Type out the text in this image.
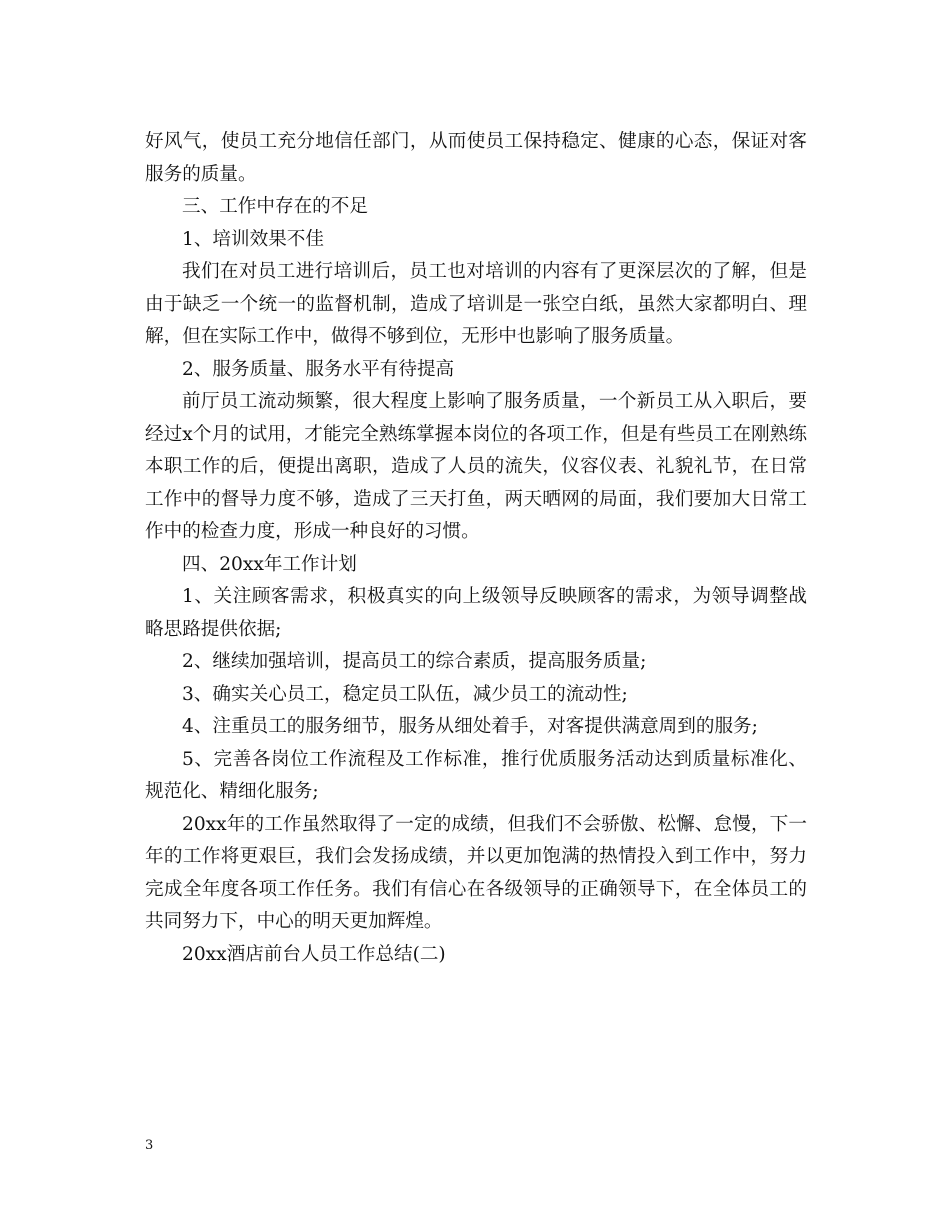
好风气，使员工充分地信任部门，从而使员工保持稳定、健康的心态，保证对客服务的质量。

三、工作中存在的不足

1、培训效果不佳

我们在对员工进行培训后，员工也对培训的内容有了更深层次的了解，但是由于缺乏一个统一的监督机制，造成了培训是一张空白纸，虽然大家都明白、理解，但在实际工作中，做得不够到位，无形中也影响了服务质量。

2、服务质量、服务水平有待提高

前厅员工流动频繁，很大程度上影响了服务质量，一个新员工从入职后，要经过x个月的试用，才能完全熟练掌握本岗位的各项工作，但是有些员工在刚熟练本职工作的后，便提出离职，造成了人员的流失，仪容仪表、礼貌礼节，在日常工作中的督导力度不够，造成了三天打鱼，两天晒网的局面，我们要加大日常工作中的检查力度，形成一种良好的习惯。

四、20xx年工作计划

1、关注顾客需求，积极真实的向上级领导反映顾客的需求，为领导调整战略思路提供依据;

2、继续加强培训，提高员工的综合素质，提高服务质量;

3、确实关心员工，稳定员工队伍，减少员工的流动性;

4、注重员工的服务细节，服务从细处着手，对客提供满意周到的服务;

5、完善各岗位工作流程及工作标准，推行优质服务活动达到质量标准化、规范化、精细化服务;

20xx年的工作虽然取得了一定的成绩，但我们不会骄傲、松懈、怠慢，下一年的工作将更艰巨，我们会发扬成绩，并以更加饱满的热情投入到工作中，努力完成全年度各项工作任务。我们有信心在各级领导的正确领导下，在全体员工的共同努力下，中心的明天更加辉煌。

20xx酒店前台人员工作总结(二)

3
